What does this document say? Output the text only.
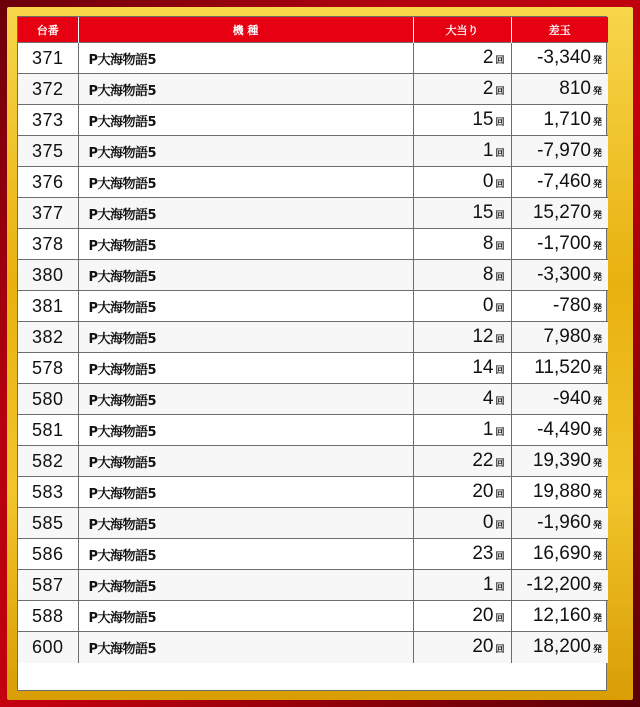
台番	機 種	大当り	差玉
371	P大海物語5	2 回	-3,340 発
372	P大海物語5	2 回	810 発
373	P大海物語5	15 回	1,710 発
375	P大海物語5	1 回	-7,970 発
376	P大海物語5	0 回	-7,460 発
377	P大海物語5	15 回	15,270 発
378	P大海物語5	8 回	-1,700 発
380	P大海物語5	8 回	-3,300 発
381	P大海物語5	0 回	-780 発
382	P大海物語5	12 回	7,980 発
578	P大海物語5	14 回	11,520 発
580	P大海物語5	4 回	-940 発
581	P大海物語5	1 回	-4,490 発
582	P大海物語5	22 回	19,390 発
583	P大海物語5	20 回	19,880 発
585	P大海物語5	0 回	-1,960 発
586	P大海物語5	23 回	16,690 発
587	P大海物語5	1 回	-12,200 発
588	P大海物語5	20 回	12,160 発
600	P大海物語5	20 回	18,200 発
